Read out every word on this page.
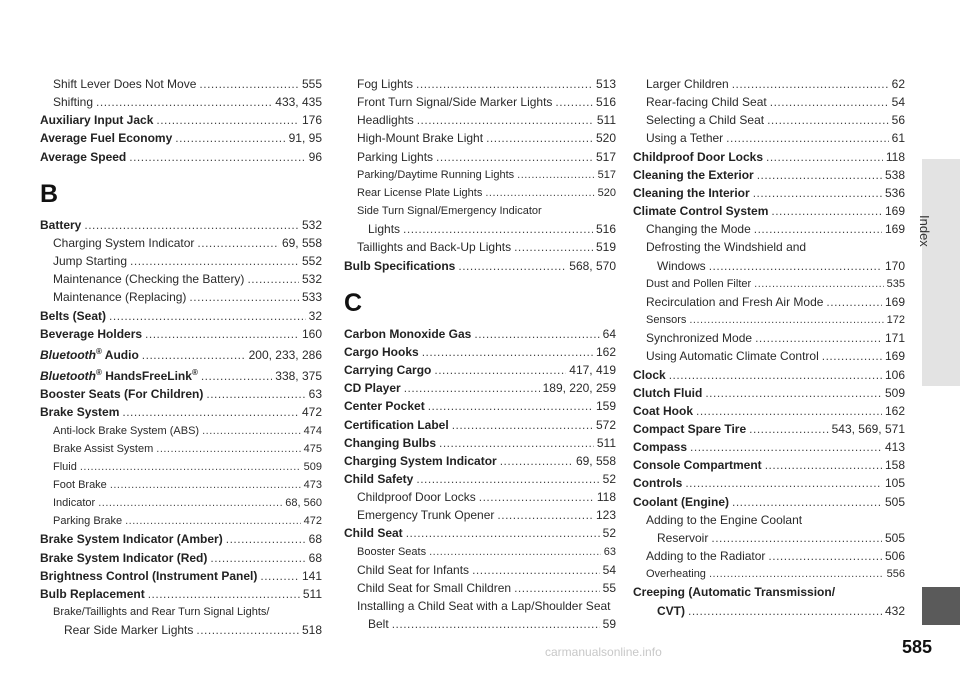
Shift Lever Does Not Move .....	555
Shifting .....	433, 435
Auxiliary Input Jack .....	176
Average Fuel Economy .....	91, 95
Average Speed .....	96
B
Battery .....	532
Charging System Indicator .....	69, 558
Jump Starting .....	552
Maintenance (Checking the Battery) .....	532
Maintenance (Replacing) .....	533
Belts (Seat) .....	32
Beverage Holders .....	160
Bluetooth® Audio .....	200, 233, 286
Bluetooth® HandsFreeLink® .....	338, 375
Booster Seats (For Children) .....	63
Brake System .....	472
Anti-lock Brake System (ABS) .....	474
Brake Assist System .....	475
Fluid .....	509
Foot Brake .....	473
Indicator .....	68, 560
Parking Brake .....	472
Brake System Indicator (Amber) .....	68
Brake System Indicator (Red) .....	68
Brightness Control (Instrument Panel) .....	141
Bulb Replacement .....	511
Brake/Taillights and Rear Turn Signal Lights/
Rear Side Marker Lights .....	518
Fog Lights .....	513
Front Turn Signal/Side Marker Lights .....	516
Headlights .....	511
High-Mount Brake Light .....	520
Parking Lights .....	517
Parking/Daytime Running Lights .....	517
Rear License Plate Lights .....	520
Side Turn Signal/Emergency Indicator
Lights .....	516
Taillights and Back-Up Lights .....	519
Bulb Specifications .....	568, 570
C
Carbon Monoxide Gas .....	64
Cargo Hooks .....	162
Carrying Cargo .....	417, 419
CD Player .....	189, 220, 259
Center Pocket .....	159
Certification Label .....	572
Changing Bulbs .....	511
Charging System Indicator .....	69, 558
Child Safety .....	52
Childproof Door Locks .....	118
Emergency Trunk Opener .....	123
Child Seat .....	52
Booster Seats .....	63
Child Seat for Infants .....	54
Child Seat for Small Children .....	55
Installing a Child Seat with a Lap/Shoulder Seat
Belt .....	59
Larger Children .....	62
Rear-facing Child Seat .....	54
Selecting a Child Seat .....	56
Using a Tether .....	61
Childproof Door Locks .....	118
Cleaning the Exterior .....	538
Cleaning the Interior .....	536
Climate Control System .....	169
Changing the Mode .....	169
Defrosting the Windshield and
Windows .....	170
Dust and Pollen Filter .....	535
Recirculation and Fresh Air Mode .....	169
Sensors .....	172
Synchronized Mode .....	171
Using Automatic Climate Control .....	169
Clock .....	106
Clutch Fluid .....	509
Coat Hook .....	162
Compact Spare Tire .....	543, 569, 571
Compass .....	413
Console Compartment .....	158
Controls .....	105
Coolant (Engine) .....	505
Adding to the Engine Coolant
Reservoir .....	505
Adding to the Radiator .....	506
Overheating .....	556
Creeping (Automatic Transmission/
CVT) .....	432
Index
585
carmanualsonline.info
